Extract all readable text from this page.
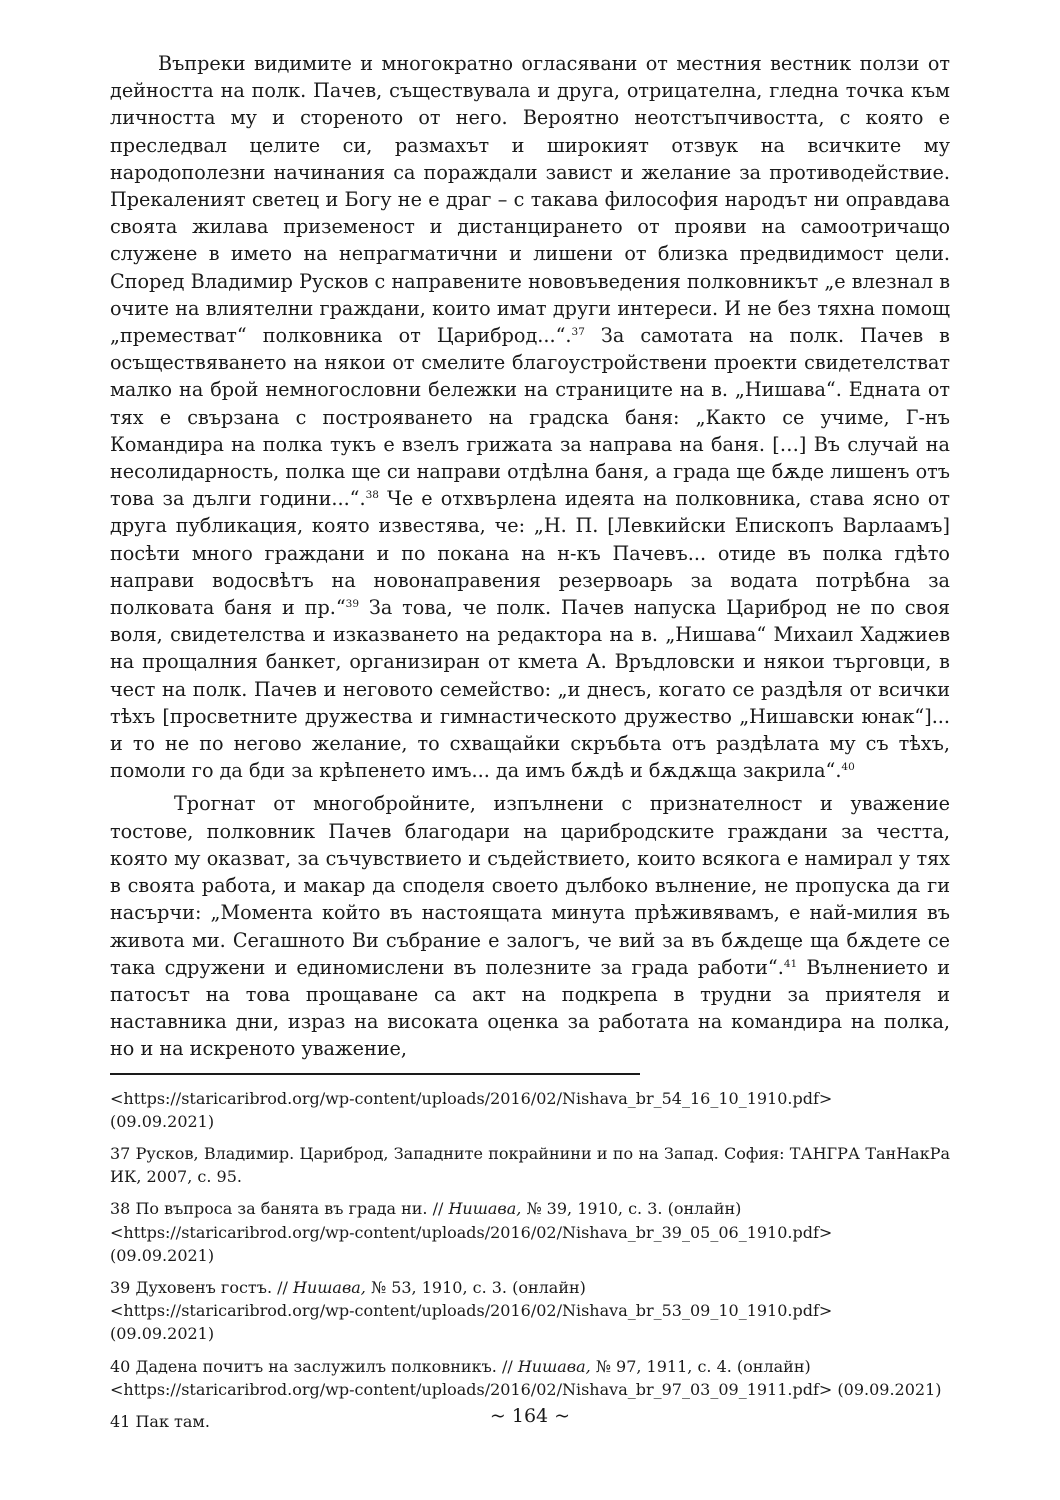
Въпреки видимите и многократно огласявани от местния вестник ползи от дейността на полк. Пачев, съществувала и друга, отрицателна, гледна точка към личността му и стореното от него. Вероятно неотстъпчивостта, с която е преследвал целите си, размахът и широкият отзвук на всичките му народополезни начинания са пораждали завист и желание за противодействие. Прекаленият светец и Богу не е драг – с такава философия народът ни оправдава своята жилава приземеност и дистанцирането от прояви на самоотричащо служене в името на непрагматични и лишени от близка предвидимост цели. Според Владимир Русков с направените нововъведения полковникът „е влезнал в очите на влиятелни граждани, които имат други интереси. И не без тяхна помощ „преместват“ полковника от Цариброд...“.$^{37}$ За самотата на полк. Пачев в осъществяването на някои от смелите благоустройствени проекти свидетелстват малко на брой немногословни бележки на страниците на в. „Нишава“. Едната от тях е свързана с построяването на градска баня: „Както се учиме, Г-нъ Командира на полка тукъ е взелъ грижата за направа на баня. […] Въ случай на несолидарность, полка ще си направи отдѣлна баня, а града ще бѫде лишенъ отъ това за дълги години...“.$^{38}$ Че е отхвърлена идеята на полковника, става ясно от друга публикация, която известява, че: „Н. П. [Левкийски Епископъ Варлаамъ] посѣти много граждани и по покана на н-къ Пачевъ... отиде въ полка гдѣто направи водосвѣтъ на новонаправения резервоарь за водата потрѣбна за полковата баня и пр.“$^{39}$ За това, че полк. Пачев напуска Цариброд не по своя воля, свидетелства и изказването на редактора на в. „Нишава“ Михаил Хаджиев на прощалния банкет, организиран от кмета А. Връдловски и някои търговци, в чест на полк. Пачев и неговото семейство: „и днесъ, когато се раздѣля от всички тѣхъ [просветните дружества и гимнастическото дружество „Нишавски юнак“]... и то не по негово желание, то схващайки скръбьта отъ раздѣлата му съ тѣхъ, помоли го да бди за крѣпенето имъ... да имъ бѫдѣ и бѫдѫща закрила“.$^{40}$

Трогнат от многобройните, изпълнени с признателност и уважение тостове, полковник Пачев благодари на царибродските граждани за честта, която му оказват, за съчувствието и съдействието, които всякога е намирал у тях в своята работа, и макар да споделя своето дълбоко вълнение, не пропуска да ги насърчи: „Момента който въ настоящата минута прѣживявамъ, е най-милия въ живота ми. Сегашното Ви събрание е залогъ, че вий за въ бѫдеще ща бѫдете се така сдружени и единомислени въ полезните за града работи“.$^{41}$ Вълнението и патосът на това прощаване са акт на подкрепа в трудни за приятеля и наставника дни, израз на високата оценка за работата на командира на полка, но и на искреното уважение,

<https://staricaribrod.org/wp-content/uploads/2016/02/Nishava_br_54_16_10_1910.pdf>
(09.09.2021)
37 Русков, Владимир. Цариброд, Западните покрайнини и по на Запад. София: ТАНГРА ТанНакРа ИК, 2007, с. 95.
38 По въпроса за банята въ града ни. // Нишава, № 39, 1910, с. 3. (онлайн)
<https://staricaribrod.org/wp-content/uploads/2016/02/Nishava_br_39_05_06_1910.pdf>
(09.09.2021)
39 Духовенъ гостъ. // Нишава, № 53, 1910, с. 3. (онлайн)
<https://staricaribrod.org/wp-content/uploads/2016/02/Nishava_br_53_09_10_1910.pdf>
(09.09.2021)
40 Дадена почитъ на заслужилъ полковникъ. // Нишава, № 97, 1911, с. 4. (онлайн) <https://staricaribrod.org/wp-content/uploads/2016/02/Nishava_br_97_03_09_1911.pdf> (09.09.2021)
41 Пак там.	~ 164 ~
